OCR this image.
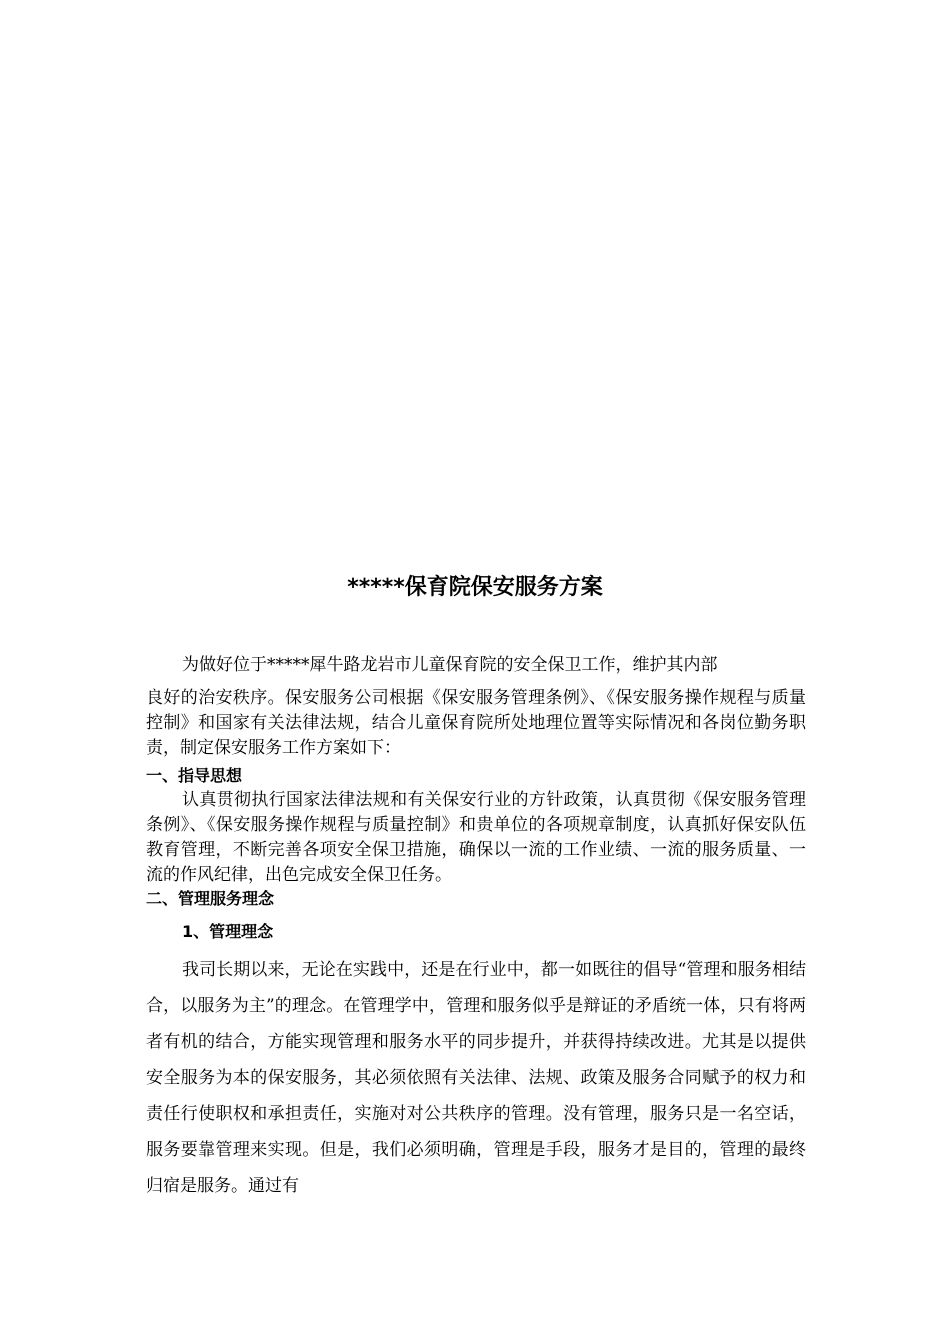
*****保育院保安服务方案

为做好位于*****犀牛路龙岩市儿童保育院的安全保卫工作，维护其内部

良好的治安秩序。保安服务公司根据《保安服务管理条例》、《保安服务操作规程与质量控制》和国家有关法律法规，结合儿童保育院所处地理位置等实际情况和各岗位勤务职责，制定保安服务工作方案如下：

一、指导思想

认真贯彻执行国家法律法规和有关保安行业的方针政策，认真贯彻《保安服务管理条例》、《保安服务操作规程与质量控制》和贵单位的各项规章制度，认真抓好保安队伍教育管理，不断完善各项安全保卫措施，确保以一流的工作业绩、一流的服务质量、一流的作风纪律，出色完成安全保卫任务。

二、管理服务理念

1、管理理念

我司长期以来，无论在实践中，还是在行业中，都一如既往的倡导“管理和服务相结合，以服务为主”的理念。在管理学中，管理和服务似乎是辩证的矛盾统一体，只有将两者有机的结合，方能实现管理和服务水平的同步提升，并获得持续改进。尤其是以提供安全服务为本的保安服务，其必须依照有关法律、法规、政策及服务合同赋予的权力和责任行使职权和承担责任，实施对对公共秩序的管理。没有管理，服务只是一名空话，服务要靠管理来实现。但是，我们必须明确，管理是手段，服务才是目的，管理的最终归宿是服务。通过有
